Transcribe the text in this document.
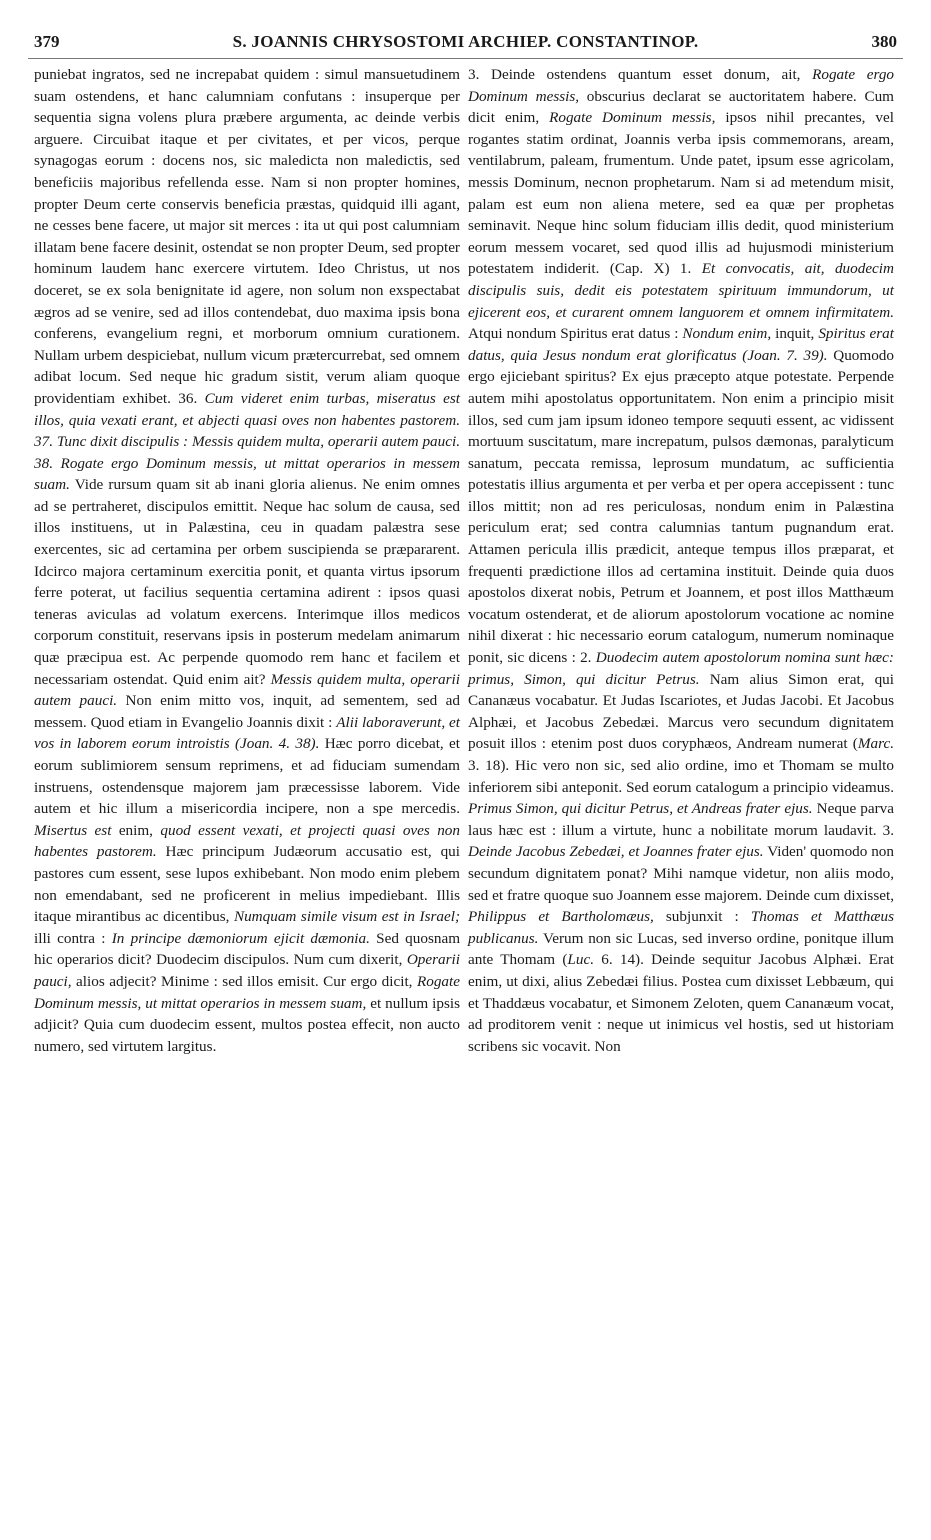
379	S. JOANNIS CHRYSOSTOMI ARCHIEP. CONSTANTINOP.	380

puniebat ingratos, sed ne increpabat quidem : simul mansuetudinem suam ostendens, et hanc calumniam confutans : insuperque per sequentia signa volens plura præbere argumenta, ac deinde verbis arguere. Circuibat itaque et per civitates, et per vicos, perque synagogas eorum : docens nos, sic maledicta non maledictis, sed beneficiis majoribus refellenda esse. Nam si non propter homines, propter Deum certe conservis beneficia præstas, quidquid illi agant, ne cesses bene facere, ut major sit merces : ita ut qui post calumniam illatam bene facere desinit, ostendat se non propter Deum, sed propter hominum laudem hanc exercere virtutem. Ideo Christus, ut nos doceret, se ex sola benignitate id agere, non solum non exspectabat ægros ad se venire, sed ad illos contendebat, duo maxima ipsis bona conferens, evangelium regni, et morborum omnium curationem. Nullam urbem despiciebat, nullum vicum prætercurrebat, sed omnem adibat locum. Sed neque hic gradum sistit, verum aliam quoque providentiam exhibet. 36. Cum videret enim turbas, miseratus est illos, quia vexati erant, et abjecti quasi oves non habentes pastorem. 37. Tunc dixit discipulis : Messis quidem multa, operarii autem pauci. 38. Rogate ergo Dominum messis, ut mittat operarios in messem suam. Vide rursum quam sit ab inani gloria alienus. Ne enim omnes ad se pertraheret, discipulos emittit. Neque hac solum de causa, sed illos instituens, ut in Palæstina, ceu in quadam palæstra sese exercentes, sic ad certamina per orbem suscipienda se præpararent. Idcirco majora certaminum exercitia ponit, et quanta virtus ipsorum ferre poterat, ut facilius sequentia certamina adirent : ipsos quasi teneras aviculas ad volatum exercens. Interimque illos medicos corporum constituit, reservans ipsis in posterum medelam animarum quæ præcipua est. Ac perpende quomodo rem hanc et facilem et necessariam ostendat. Quid enim ait? Messis quidem multa, operarii autem pauci. Non enim mitto vos, inquit, ad sementem, sed ad messem. Quod etiam in Evangelio Joannis dixit : Alii laboraverunt, et vos in laborem eorum introistis (Joan. 4. 38). Hæc porro dicebat, et eorum sublimiorem sensum reprimens, et ad fiduciam sumendam instruens, ostendensque majorem jam præcessisse laborem. Vide autem et hic illum a misericordia incipere, non a spe mercedis. Misertus est enim, quod essent vexati, et projecti quasi oves non habentes pastorem. Hæc principum Judæorum accusatio est, qui pastores cum essent, sese lupos exhibebant. Non modo enim plebem non emendabant, sed ne proficerent in melius impediebant. Illis itaque mirantibus ac dicentibus, Numquam simile visum est in Israel; illi contra : In principe dæmoniorum ejicit dæmonia. Sed quosnam hic operarios dicit? Duodecim discipulos. Num cum dixerit, Operarii pauci, alios adjecit? Minime : sed illos emisit. Cur ergo dicit, Rogate Dominum messis, ut mittat operarios in messem suam, et nullum ipsis adjicit? Quia cum duodecim essent, multos postea effecit, non aucto numero, sed virtutem largitus.

3. Deinde ostendens quantum esset donum, ait, Rogate ergo Dominum messis, obscurius declarat se auctoritatem habere. Cum dicit enim, Rogate Dominum messis, ipsos nihil precantes, vel rogantes statim ordinat, Joannis verba ipsis commemorans, aream, ventilabrum, paleam, frumentum. Unde patet, ipsum esse agricolam, messis Dominum, necnon prophetarum. Nam si ad metendum misit, palam est eum non aliena metere, sed ea quæ per prophetas seminavit. Neque hinc solum fiduciam illis dedit, quod ministerium eorum messem vocaret, sed quod illis ad hujusmodi ministerium potestatem indiderit. (Cap. X) 1. Et convocatis, ait, duodecim discipulis suis, dedit eis potestatem spirituum immundorum, ut ejicerent eos, et curarent omnem languorem et omnem infirmitatem. Atqui nondum Spiritus erat datus : Nondum enim, inquit, Spiritus erat datus, quia Jesus nondum erat glorificatus (Joan. 7. 39). Quomodo ergo ejiciebant spiritus? Ex ejus præcepto atque potestate. Perpende autem mihi apostolatus opportunitatem. Non enim a principio misit illos, sed cum jam ipsum idoneo tempore sequuti essent, ac vidissent mortuum suscitatum, mare increpatum, pulsos dæmonas, paralyticum sanatum, peccata remissa, leprosum mundatum, ac sufficientia potestatis illius argumenta et per verba et per opera accepissent : tunc illos mittit; non ad res periculosas, nondum enim in Palæstina periculum erat; sed contra calumnias tantum pugnandum erat. Attamen pericula illis prædicit, anteque tempus illos præparat, et frequenti prædictione illos ad certamina instituit. Deinde quia duos apostolos dixerat nobis, Petrum et Joannem, et post illos Matthæum vocatum ostenderat, et de aliorum apostolorum vocatione ac nomine nihil dixerat : hic necessario eorum catalogum, numerum nominaque ponit, sic dicens : 2. Duodecim autem apostolorum nomina sunt hæc: primus, Simon, qui dicitur Petrus. Nam alius Simon erat, qui Cananæus vocabatur. Et Judas Iscariotes, et Judas Jacobi. Et Jacobus Alphæi, et Jacobus Zebedæi. Marcus vero secundum dignitatem posuit illos : etenim post duos coryphæos, Andream numerat (Marc. 3. 18). Hic vero non sic, sed alio ordine, imo et Thomam se multo inferiorem sibi anteponit. Sed eorum catalogum a principio videamus. Primus Simon, qui dicitur Petrus, et Andreas frater ejus. Neque parva laus hæc est : illum a virtute, hunc a nobilitate morum laudavit. 3. Deinde Jacobus Zebedæi, et Joannes frater ejus. Viden' quomodo non secundum dignitatem ponat? Mihi namque videtur, non aliis modo, sed et fratre quoque suo Joannem esse majorem. Deinde cum dixisset, Philippus et Bartholomæus, subjunxit : Thomas et Matthæus publicanus. Verum non sic Lucas, sed inverso ordine, ponitque illum ante Thomam (Luc. 6. 14). Deinde sequitur Jacobus Alphæi. Erat enim, ut dixi, alius Zebedæi filius. Postea cum dixisset Lebbæum, qui et Thaddæus vocabatur, et Simonem Zeloten, quem Cananæum vocat, ad proditorem venit : neque ut inimicus vel hostis, sed ut historiam scribens sic vocavit. Non
